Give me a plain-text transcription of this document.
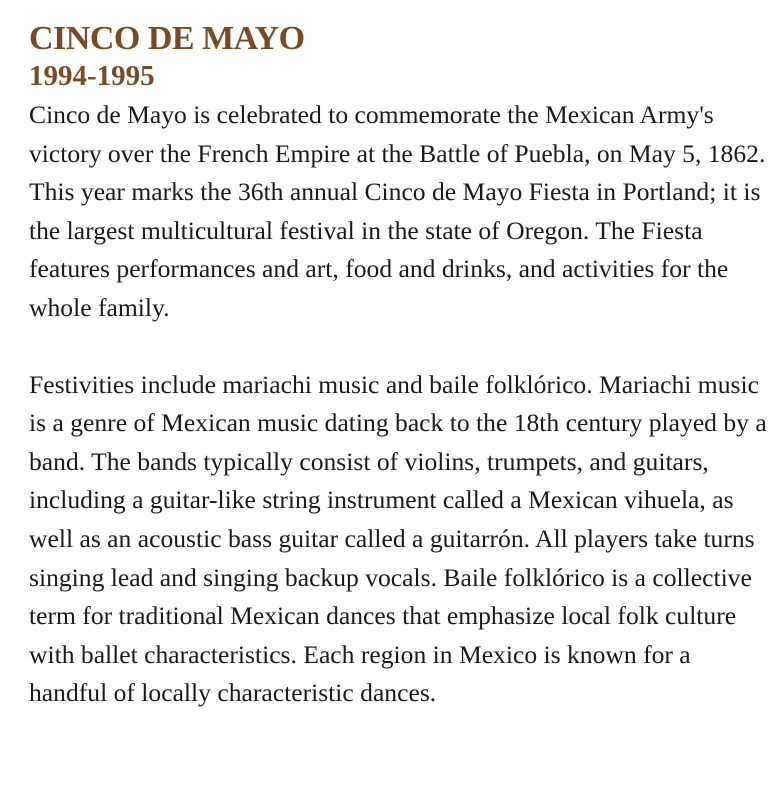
CINCO DE MAYO
1994-1995

Cinco de Mayo is celebrated to commemorate the Mexican Army's victory over the French Empire at the Battle of Puebla, on May 5, 1862. This year marks the 36th annual Cinco de Mayo Fiesta in Portland; it is the largest multicultural festival in the state of Oregon. The Fiesta features performances and art, food and drinks, and activities for the whole family.

Festivities include mariachi music and baile folklórico. Mariachi music is a genre of Mexican music dating back to the 18th century played by a band. The bands typically consist of violins, trumpets, and guitars, including a guitar-like string instrument called a Mexican vihuela, as well as an acoustic bass guitar called a guitarrón. All players take turns singing lead and singing backup vocals. Baile folklórico is a collective term for traditional Mexican dances that emphasize local folk culture with ballet characteristics. Each region in Mexico is known for a handful of locally characteristic dances.
